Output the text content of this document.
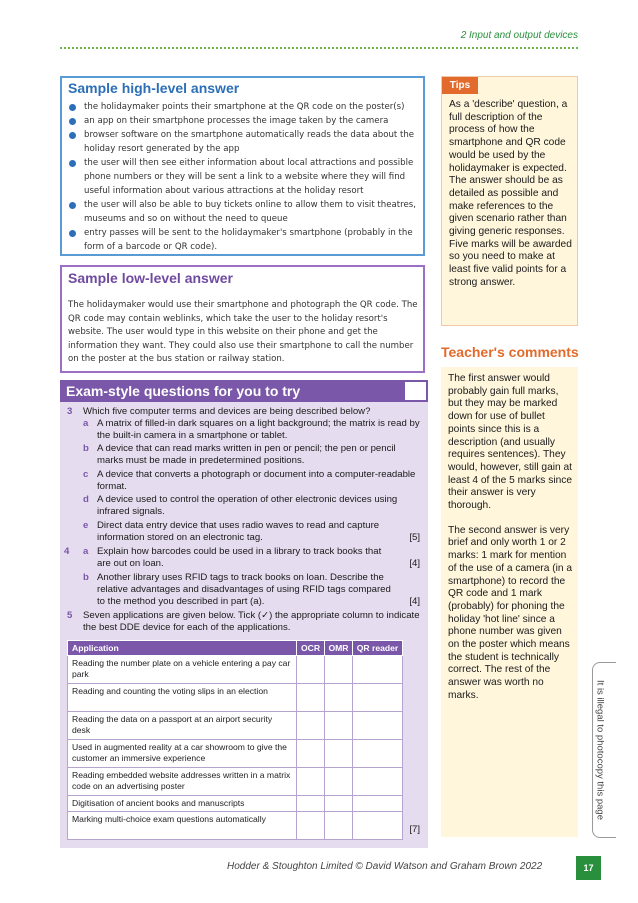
2 Input and output devices
Sample high-level answer
the holidaymaker points their smartphone at the QR code on the poster(s)
an app on their smartphone processes the image taken by the camera
browser software on the smartphone automatically reads the data about the holiday resort generated by the app
the user will then see either information about local attractions and possible phone numbers or they will be sent a link to a website where they will find useful information about various attractions at the holiday resort
the user will also be able to buy tickets online to allow them to visit theatres, museums and so on without the need to queue
entry passes will be sent to the holidaymaker's smartphone (probably in the form of a barcode or QR code).
Sample low-level answer
The holidaymaker would use their smartphone and photograph the QR code. The QR code may contain weblinks, which take the user to the holiday resort's website. The user would type in this website on their phone and get the information they want. They could also use their smartphone to call the number on the poster at the bus station or railway station.
Exam-style questions for you to try
3 Which five computer terms and devices are being described below?
a A matrix of filled-in dark squares on a light background; the matrix is read by the built-in camera in a smartphone or tablet.
b A device that can read marks written in pen or pencil; the pen or pencil marks must be made in predetermined positions.
c A device that converts a photograph or document into a computer-readable format.
d A device used to control the operation of other electronic devices using infrared signals.
e Direct data entry device that uses radio waves to read and capture information stored on an electronic tag.	[5]
4 a Explain how barcodes could be used in a library to track books that are out on loan.	[4]
b Another library uses RFID tags to track books on loan. Describe the relative advantages and disadvantages of using RFID tags compared to the method you described in part (a).	[4]
5 Seven applications are given below. Tick (✓) the appropriate column to indicate the best DDE device for each of the applications.
Application	OCR	OMR	QR reader
Reading the number plate on a vehicle entering a pay car park			
Reading and counting the voting slips in an election			
Reading the data on a passport at an airport security desk			
Used in augmented reality at a car showroom to give the customer an immersive experience			
Reading embedded website addresses written in a matrix code on an advertising poster			
Digitisation of ancient books and manuscripts			
Marking multi-choice exam questions automatically			
[7]
Tips
As a 'describe' question, a full description of the process of how the smartphone and QR code would be used by the holidaymaker is expected. The answer should be as detailed as possible and make references to the given scenario rather than giving generic responses. Five marks will be awarded so you need to make at least five valid points for a strong answer.
Teacher's comments

The first answer would probably gain full marks, but they may be marked down for use of bullet points since this is a description (and usually requires sentences). They would, however, still gain at least 4 of the 5 marks since their answer is very thorough.

The second answer is very brief and only worth 1 or 2 marks: 1 mark for mention of the use of a camera (in a smartphone) to record the QR code and 1 mark (probably) for phoning the holiday 'hot line' since a phone number was given on the poster which means the student is technically correct. The rest of the answer was worth no marks.	It is illegal to photocopy this page
Hodder & Stoughton Limited © David Watson and Graham Brown 2022	17
